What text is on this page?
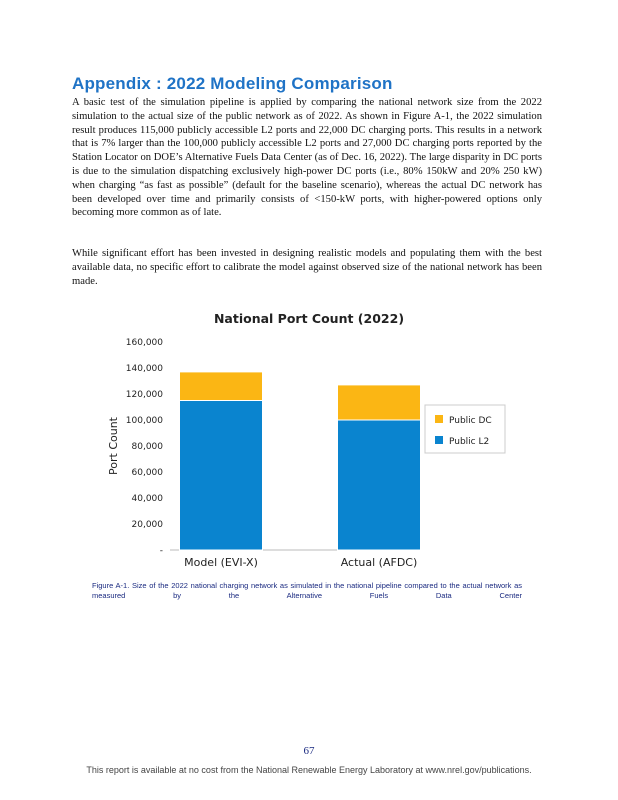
Appendix : 2022 Modeling Comparison
A basic test of the simulation pipeline is applied by comparing the national network size from the 2022 simulation to the actual size of the public network as of 2022. As shown in Figure A-1, the 2022 simulation result produces 115,000 publicly accessible L2 ports and 22,000 DC charging ports. This results in a network that is 7% larger than the 100,000 publicly accessible L2 ports and 27,000 DC charging ports reported by the Station Locator on DOE’s Alternative Fuels Data Center (as of Dec. 16, 2022). The large disparity in DC ports is due to the simulation dispatching exclusively high-power DC ports (i.e., 80% 150kW and 20% 250 kW) when charging “as fast as possible” (default for the baseline scenario), whereas the actual DC network has been developed over time and primarily consists of <150-kW ports, with higher-powered options only becoming more common as of late.
While significant effort has been invested in designing realistic models and populating them with the best available data, no specific effort to calibrate the model against observed size of the national network has been made.
National Port Count (2022)
Port Count
-
20,000
40,000
60,000
80,000
100,000
120,000
140,000
160,000
Model (EVI-X)	Actual (AFDC)
Public DC
Public L2
Figure A-1. Size of the 2022 national charging network as simulated in the national pipeline compared to the actual network as measured by the Alternative Fuels Data Center
67
This report is available at no cost from the National Renewable Energy Laboratory at www.nrel.gov/publications.
